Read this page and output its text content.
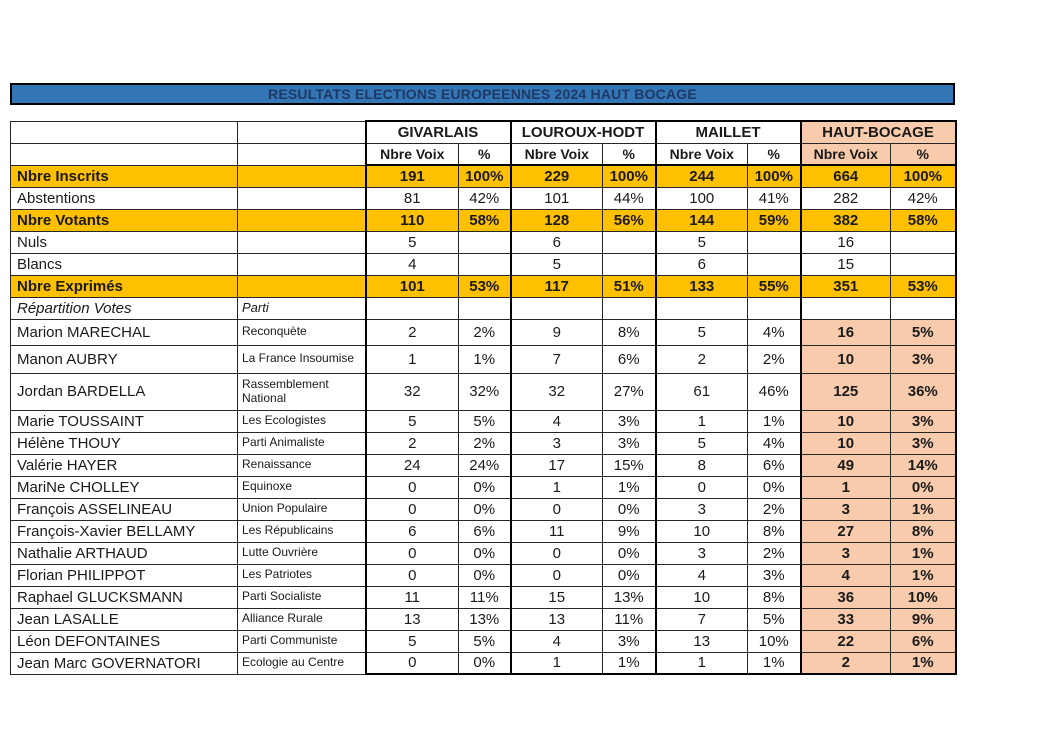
RESULTATS ELECTIONS EUROPEENNES 2024 HAUT BOCAGE
		GIVARLAIS		LOUROUX-HODT		MAILLET		HAUT-BOCAGE	
		Nbre Voix	%	Nbre Voix	%	Nbre Voix	%	Nbre Voix	%
Nbre Inscrits		191	100%	229	100%	244	100%	664	100%
Abstentions		81	42%	101	44%	100	41%	282	42%
Nbre Votants		110	58%	128	56%	144	59%	382	58%
Nuls		5		6		5		16	
Blancs		4		5		6		15	
Nbre Exprimés		101	53%	117	51%	133	55%	351	53%
Répartition Votes	Parti								
Marion MARECHAL	Reconquète	2	2%	9	8%	5	4%	16	5%
Manon AUBRY	La France Insoumise	1	1%	7	6%	2	2%	10	3%
Jordan BARDELLA	Rassemblement National	32	32%	32	27%	61	46%	125	36%
Marie TOUSSAINT	Les Ecologistes	5	5%	4	3%	1	1%	10	3%
Hélène THOUY	Parti Animaliste	2	2%	3	3%	5	4%	10	3%
Valérie HAYER	Renaissance	24	24%	17	15%	8	6%	49	14%
MariNe CHOLLEY	Equinoxe	0	0%	1	1%	0	0%	1	0%
François ASSELINEAU	Union Populaire	0	0%	0	0%	3	2%	3	1%
François-Xavier BELLAMY	Les Républicains	6	6%	11	9%	10	8%	27	8%
Nathalie ARTHAUD	Lutte Ouvrière	0	0%	0	0%	3	2%	3	1%
Florian PHILIPPOT	Les Patriotes	0	0%	0	0%	4	3%	4	1%
Raphael GLUCKSMANN	Parti Socialiste	11	11%	15	13%	10	8%	36	10%
Jean LASALLE	Alliance Rurale	13	13%	13	11%	7	5%	33	9%
Léon DEFONTAINES	Parti Communiste	5	5%	4	3%	13	10%	22	6%
Jean Marc GOVERNATORI	Ecologie au Centre	0	0%	1	1%	1	1%	2	1%
